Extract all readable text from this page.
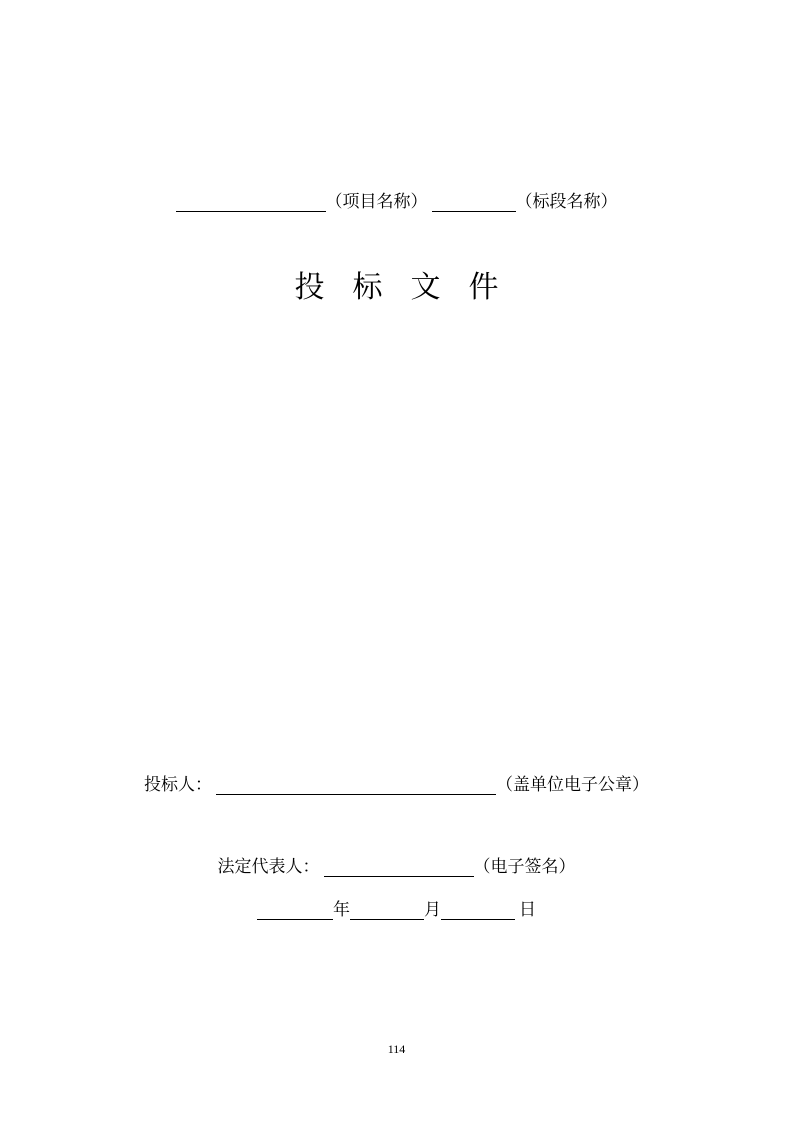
（项目名称）	（标段名称）
投标文件
投标人：	（盖单位电子公章）
法定代表人：	（电子签名）
年	月	日
114
